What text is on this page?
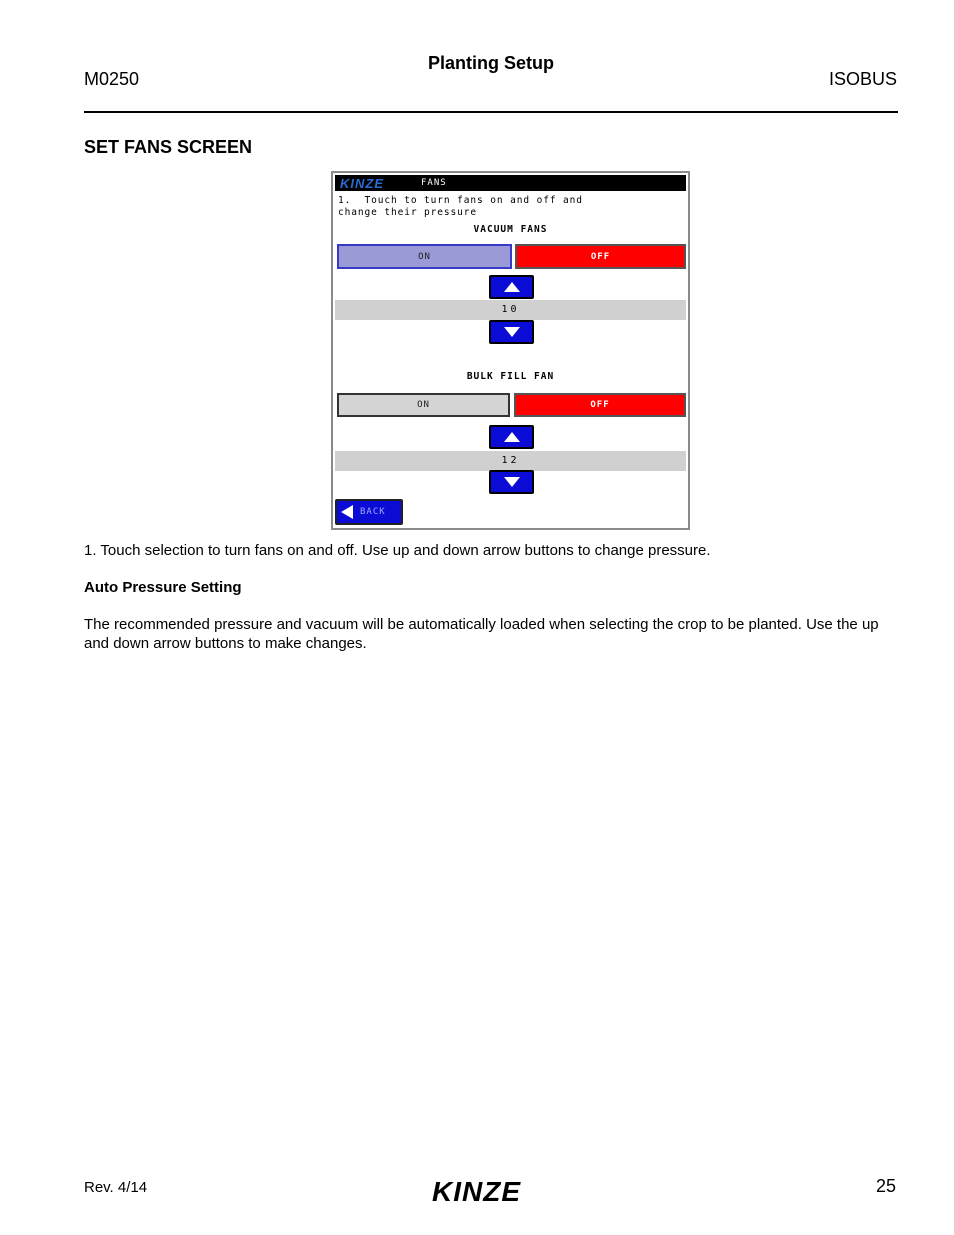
M0250
Planting Setup
ISOBUS
SET FANS SCREEN
KINZE	FANS
1.  Touch to turn fans on and off and
change their pressure
VACUUM FANS
ON	OFF
10
BULK FILL FAN
ON	OFF
12
BACK
1. Touch selection to turn fans on and off. Use up and down arrow buttons to change pressure.
Auto Pressure Setting
The recommended pressure and vacuum will be automatically loaded when selecting the crop to be planted. Use the up and down arrow buttons to make changes.
Rev. 4/14	KINZE	25
